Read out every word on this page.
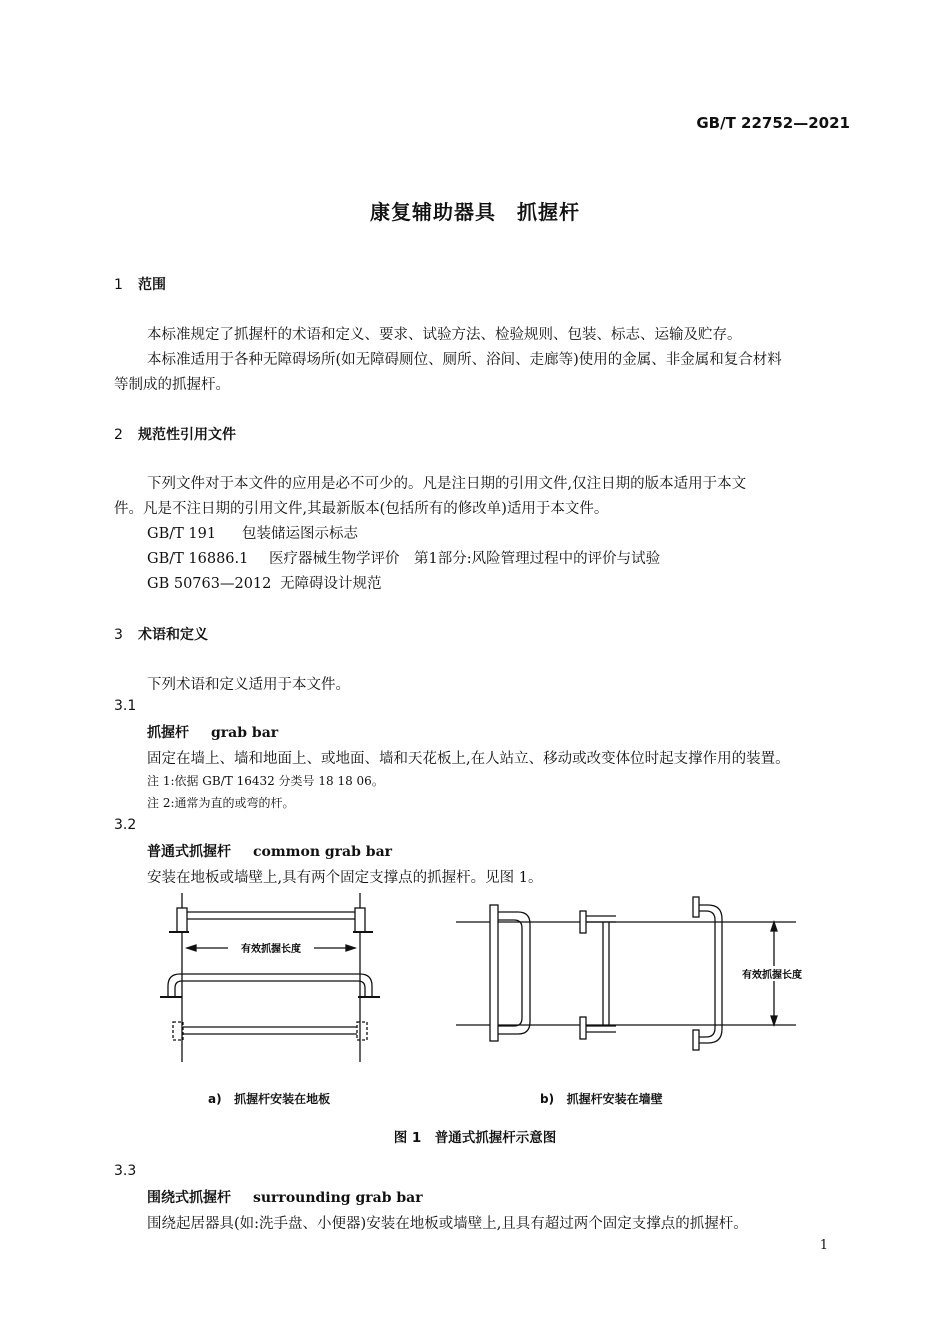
GB/T 22752—2021
康复辅助器具　抓握杆
1 范围
本标准规定了抓握杆的术语和定义、要求、试验方法、检验规则、包装、标志、运输及贮存。
本标准适用于各种无障碍场所(如无障碍厕位、厕所、浴间、走廊等)使用的金属、非金属和复合材料
等制成的抓握杆。
2 规范性引用文件
下列文件对于本文件的应用是必不可少的。凡是注日期的引用文件,仅注日期的版本适用于本文
件。凡是不注日期的引用文件,其最新版本(包括所有的修改单)适用于本文件。
GB/T 191 包装储运图示标志
GB/T 16886.1 医疗器械生物学评价　第1部分:风险管理过程中的评价与试验
GB 50763—2012 无障碍设计规范
3 术语和定义
下列术语和定义适用于本文件。
3.1
抓握杆 grab bar
固定在墙上、墙和地面上、或地面、墙和天花板上,在人站立、移动或改变体位时起支撑作用的装置。
注 1:依据 GB/T 16432 分类号 18 18 06。
注 2:通常为直的或弯的杆。
3.2
普通式抓握杆 common grab bar
安装在地板或墙壁上,具有两个固定支撑点的抓握杆。见图 1。
有效抓握长度
有效抓握长度
a) 抓握杆安装在地板	b) 抓握杆安装在墙壁
图 1　普通式抓握杆示意图
3.3
围绕式抓握杆 surrounding grab bar
围绕起居器具(如:洗手盘、小便器)安装在地板或墙壁上,且具有超过两个固定支撑点的抓握杆。
1
